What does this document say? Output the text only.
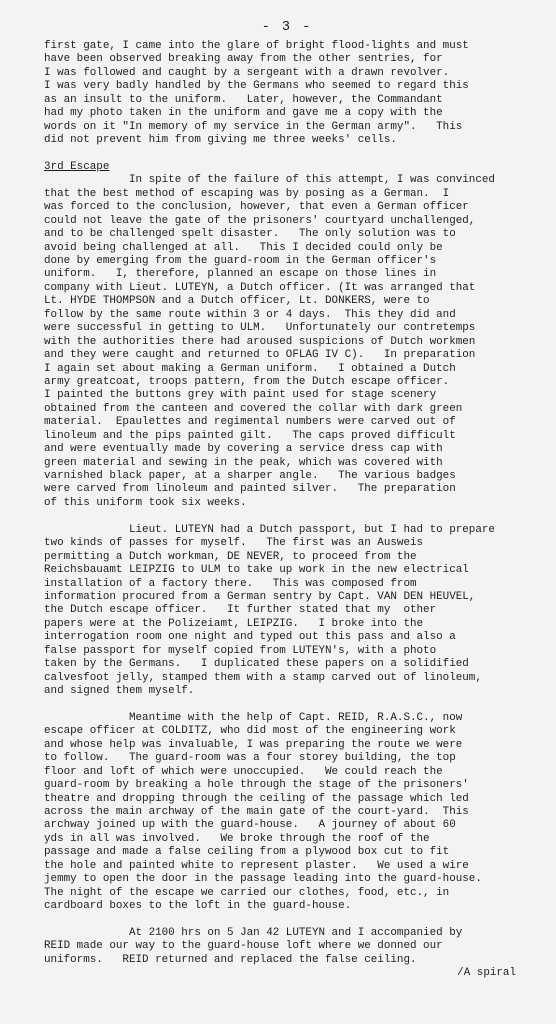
- 3 -
first gate, I came into the glare of bright flood-lights and must
have been observed breaking away from the other sentries, for
I was followed and caught by a sergeant with a drawn revolver.
I was very badly handled by the Germans who seemed to regard this
as an insult to the uniform.   Later, however, the Commandant
had my photo taken in the uniform and gave me a copy with the
words on it "In memory of my service in the German army".   This
did not prevent him from giving me three weeks' cells.
3rd Escape
In spite of the failure of this attempt, I was convinced
that the best method of escaping was by posing as a German.  I
was forced to the conclusion, however, that even a German officer
could not leave the gate of the prisoners' courtyard unchallenged,
and to be challenged spelt disaster.   The only solution was to
avoid being challenged at all.   This I decided could only be
done by emerging from the guard-room in the German officer's
uniform.   I, therefore, planned an escape on those lines in
company with Lieut. LUTEYN, a Dutch officer. (It was arranged that
Lt. HYDE THOMPSON and a Dutch officer, Lt. DONKERS, were to
follow by the same route within 3 or 4 days.  This they did and
were successful in getting to ULM.   Unfortunately our contretemps
with the authorities there had aroused suspicions of Dutch workmen
and they were caught and returned to OFLAG IV C).   In preparation
I again set about making a German uniform.   I obtained a Dutch
army greatcoat, troops pattern, from the Dutch escape officer.
I painted the buttons grey with paint used for stage scenery
obtained from the canteen and covered the collar with dark green
material.  Epaulettes and regimental numbers were carved out of
linoleum and the pips painted gilt.   The caps proved difficult
and were eventually made by covering a service dress cap with
green material and sewing in the peak, which was covered with
varnished black paper, at a sharper angle.   The various badges
were carved from linoleum and painted silver.   The preparation
of this uniform took six weeks.
Lieut. LUTEYN had a Dutch passport, but I had to prepare
two kinds of passes for myself.   The first was an Ausweis
permitting a Dutch workman, DE NEVER, to proceed from the
Reichsbauamt LEIPZIG to ULM to take up work in the new electrical
installation of a factory there.   This was composed from
information procured from a German sentry by Capt. VAN DEN HEUVEL,
the Dutch escape officer.   It further stated that my  other
papers were at the Polizeiamt, LEIPZIG.   I broke into the
interrogation room one night and typed out this pass and also a
false passport for myself copied from LUTEYN's, with a photo
taken by the Germans.   I duplicated these papers on a solidified
calvesfoot jelly, stamped them with a stamp carved out of linoleum,
and signed them myself.
Meantime with the help of Capt. REID, R.A.S.C., now
escape officer at COLDITZ, who did most of the engineering work
and whose help was invaluable, I was preparing the route we were
to follow.   The guard-room was a four storey building, the top
floor and loft of which were unoccupied.   We could reach the
guard-room by breaking a hole through the stage of the prisoners'
theatre and dropping through the ceiling of the passage which led
across the main archway of the main gate of the court-yard.  This
archway joined up with the guard-house.   A journey of about 60
yds in all was involved.   We broke through the roof of the
passage and made a false ceiling from a plywood box cut to fit
the hole and painted white to represent plaster.   We used a wire
jemmy to open the door in the passage leading into the guard-house.
The night of the escape we carried our clothes, food, etc., in
cardboard boxes to the loft in the guard-house.
At 2100 hrs on 5 Jan 42 LUTEYN and I accompanied by
REID made our way to the guard-house loft where we donned our
uniforms.   REID returned and replaced the false ceiling.
/A spiral
